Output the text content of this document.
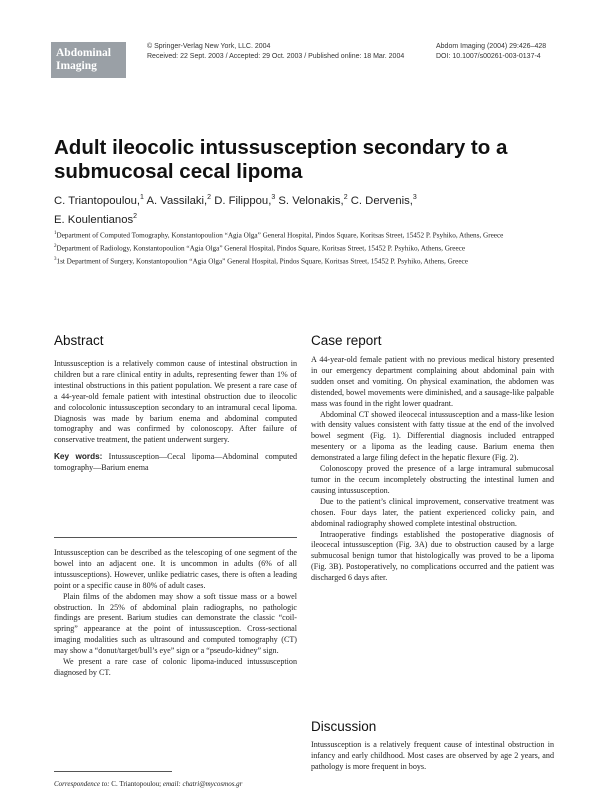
Abdominal
Imaging
© Springer-Verlag New York, LLC. 2004
Received: 22 Sept. 2003 / Accepted: 29 Oct. 2003 / Published online: 18 Mar. 2004
Abdom Imaging (2004) 29:426–428
DOI: 10.1007/s00261-003-0137-4
Adult ileocolic intussusception secondary to a submucosal cecal lipoma
C. Triantopoulou,$^1$ A. Vassilaki,$^2$ D. Filippou,$^3$ S. Velonakis,$^2$ C. Dervenis,$^3$
E. Koulentianos$^2$

$^1$Department of Computed Tomography, Konstantopoulion “Agia Olga” General Hospital, Pindos Square, Koritsas Street, 15452 P. Psyhiko, Athens, Greece

$^2$Department of Radiology, Konstantopoulion “Agia Olga” General Hospital, Pindos Square, Koritsas Street, 15452 P. Psyhiko, Athens, Greece

$^3$1st Department of Surgery, Konstantopoulion “Agia Olga” General Hospital, Pindos Square, Koritsas Street, 15452 P. Psyhiko, Athens, Greece

Abstract

Intussusception is a relatively common cause of intestinal obstruction in children but a rare clinical entity in adults, representing fewer than 1% of intestinal obstructions in this patient population. We present a rare case of a 44-year-old female patient with intestinal obstruction due to ileocolic and colocolonic intussusception secondary to an intramural cecal lipoma. Diagnosis was made by barium enema and abdominal computed tomography and was confirmed by colonoscopy. After failure of conservative treatment, the patient underwent surgery.

Key words: Intussusception—Cecal lipoma—Abdominal computed tomography—Barium enema

Intussusception can be described as the telescoping of one segment of the bowel into an adjacent one. It is uncommon in adults (6% of all intussusceptions). However, unlike pediatric cases, there is often a leading point or a specific cause in 80% of adult cases.

Plain films of the abdomen may show a soft tissue mass or a bowel obstruction. In 25% of abdominal plain radiographs, no pathologic findings are present. Barium studies can demonstrate the classic “coil-spring” appearance at the point of intussusception. Cross-sectional imaging modalities such as ultrasound and computed tomography (CT) may show a “donut/target/bull’s eye” sign or a “pseudo-kidney” sign.

We present a rare case of colonic lipoma-induced intussusception diagnosed by CT.

Correspondence to: C. Triantopoulou; email: chatri@mycosmos.gr
Case report

A 44-year-old female patient with no previous medical history presented in our emergency department complaining about abdominal pain with sudden onset and vomiting. On physical examination, the abdomen was distended, bowel movements were diminished, and a sausage-like palpable mass was found in the right lower quadrant.

Abdominal CT showed ileocecal intussusception and a mass-like lesion with density values consistent with fatty tissue at the end of the involved bowel segment (Fig. 1). Differential diagnosis included entrapped mesentery or a lipoma as the leading cause. Barium enema then demonstrated a large filing defect in the hepatic flexure (Fig. 2).

Colonoscopy proved the presence of a large intramural submucosal tumor in the cecum incompletely obstructing the intestinal lumen and causing intussusception.

Due to the patient’s clinical improvement, conservative treatment was chosen. Four days later, the patient experienced colicky pain, and abdominal radiography showed complete intestinal obstruction.

Intraoperative findings established the postoperative diagnosis of ileocecal intussusception (Fig. 3A) due to obstruction caused by a large submucosal benign tumor that histologically was proved to be a lipoma (Fig. 3B). Postoperatively, no complications occurred and the patient was discharged 6 days after.

Discussion

Intussusception is a relatively frequent cause of intestinal obstruction in infancy and early childhood. Most cases are observed by age 2 years, and pathology is more frequent in boys.
